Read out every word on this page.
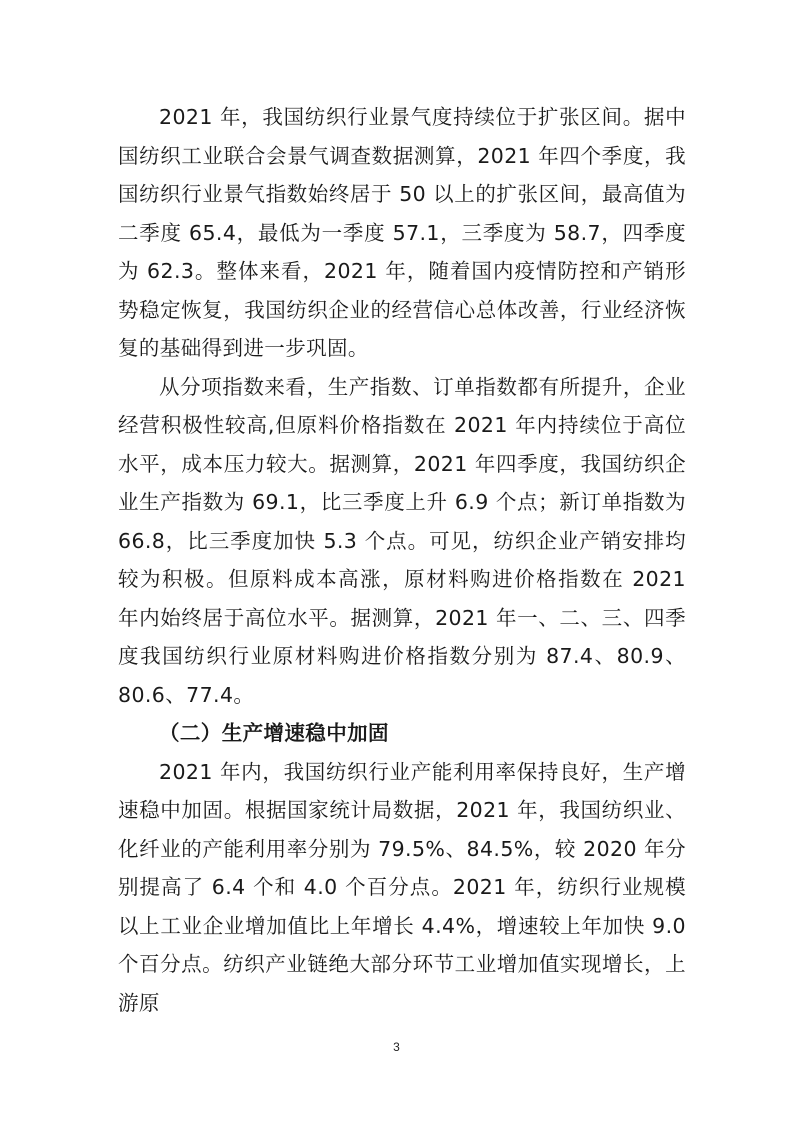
2021 年，我国纺织行业景气度持续位于扩张区间。据中国纺织工业联合会景气调查数据测算，2021 年四个季度，我国纺织行业景气指数始终居于 50 以上的扩张区间，最高值为二季度 65.4，最低为一季度 57.1，三季度为 58.7，四季度为 62.3。整体来看，2021 年，随着国内疫情防控和产销形势稳定恢复，我国纺织企业的经营信心总体改善，行业经济恢复的基础得到进一步巩固。

从分项指数来看，生产指数、订单指数都有所提升，企业经营积极性较高,但原料价格指数在 2021 年内持续位于高位水平，成本压力较大。据测算，2021 年四季度，我国纺织企业生产指数为 69.1，比三季度上升 6.9 个点；新订单指数为 66.8，比三季度加快 5.3 个点。可见，纺织企业产销安排均较为积极。但原料成本高涨，原材料购进价格指数在 2021 年内始终居于高位水平。据测算，2021 年一、二、三、四季度我国纺织行业原材料购进价格指数分别为 87.4、80.9、80.6、77.4。

（二）生产增速稳中加固

2021 年内，我国纺织行业产能利用率保持良好，生产增速稳中加固。根据国家统计局数据，2021 年，我国纺织业、化纤业的产能利用率分别为 79.5%、84.5%，较 2020 年分别提高了 6.4 个和 4.0 个百分点。2021 年，纺织行业规模以上工业企业增加值比上年增长 4.4%，增速较上年加快 9.0 个百分点。纺织产业链绝大部分环节工业增加值实现增长，上游原

3
